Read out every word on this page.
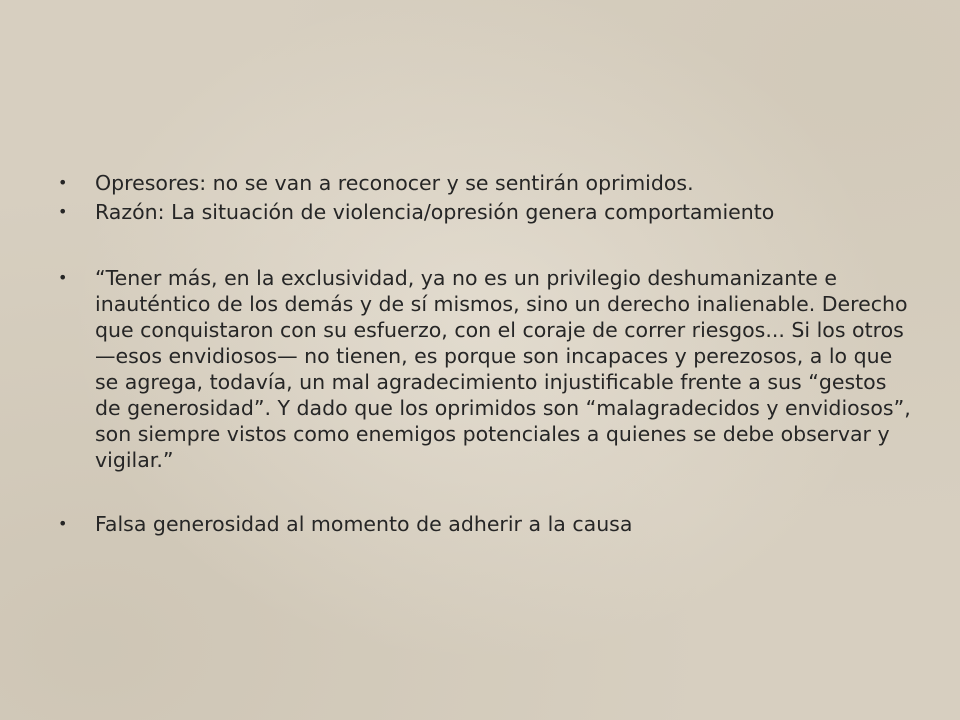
• Opresores: no se van a reconocer y se sentirán oprimidos.
• Razón: La situación de violencia/opresión genera comportamiento
• “Tener más, en la exclusividad, ya no es un privilegio deshumanizante e inauténtico de los demás y de sí mismos, sino un derecho inalienable. Derecho que conquistaron con su esfuerzo, con el coraje de correr riesgos... Si los otros —esos envidiosos— no tienen, es porque son incapaces y perezosos, a lo que se agrega, todavía, un mal agradecimiento injustificable frente a sus “gestos de generosidad”. Y dado que los oprimidos son “malagradecidos y envidiosos”, son siempre vistos como enemigos potenciales a quienes se debe observar y vigilar.”
• Falsa generosidad al momento de adherir a la causa
